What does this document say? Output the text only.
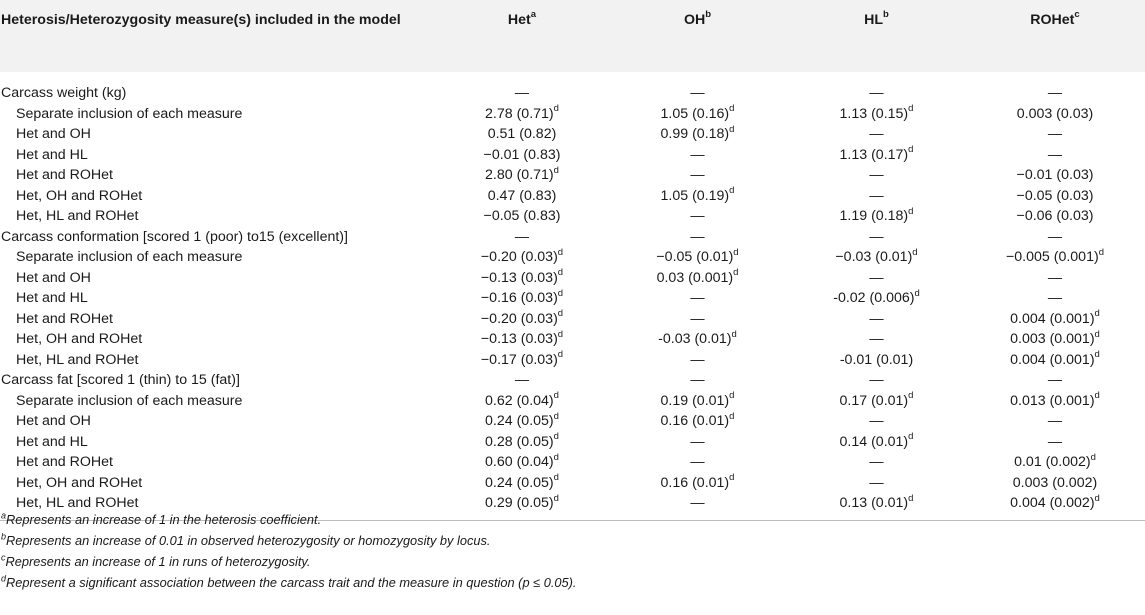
Heterosis/Heterozygosity measure(s) included in the model	Het$^a$	$OH^b$	$HL^b$	ROHet$^c$
Carcass weight (kg)	—	—	—	—
Separate inclusion of each measure	2.78 $(0.71)^d$	1.05 $(0.16)^d$	1.13 $(0.15)^d$	0.003 (0.03)
Het and OH	0.51 (0.82)	0.99 $(0.18)^d$	—	—
Het and HL	−0.01 (0.83)	—	1.13 $(0.17)^d$	—
Het and ROHet	2.80 $(0.71)^d$	—	—	−0.01 (0.03)
Het, OH and ROHet	0.47 (0.83)	1.05 $(0.19)^d$	—	−0.05 (0.03)
Het, HL and ROHet	−0.05 (0.83)	—	1.19 $(0.18)^d$	−0.06 (0.03)
Carcass conformation [scored 1 (poor) to15 (excellent)]	—	—	—	—
Separate inclusion of each measure	−0.20 $(0.03)^d$	−0.05 $(0.01)^d$	−0.03 $(0.01)^d$	−0.005 $(0.001)^d$
Het and OH	−0.13 $(0.03)^d$	0.03 $(0.001)^d$	—	—
Het and HL	−0.16 $(0.03)^d$	—	-0.02 $(0.006)^d$	—
Het and ROHet	−0.20 $(0.03)^d$	—	—	0.004 $(0.001)^d$
Het, OH and ROHet	−0.13 $(0.03)^d$	-0.03 $(0.01)^d$	—	0.003 $(0.001)^d$
Het, HL and ROHet	−0.17 $(0.03)^d$	—	-0.01 (0.01)	0.004 $(0.001)^d$
Carcass fat [scored 1 (thin) to 15 (fat)]	—	—	—	—
Separate inclusion of each measure	0.62 $(0.04)^d$	0.19 $(0.01)^d$	0.17 $(0.01)^d$	0.013 $(0.001)^d$
Het and OH	0.24 $(0.05)^d$	0.16 $(0.01)^d$	—	—
Het and HL	0.28 $(0.05)^d$	—	0.14 $(0.01)^d$	—
Het and ROHet	0.60 $(0.04)^d$	—	—	0.01 $(0.002)^d$
Het, OH and ROHet	0.24 $(0.05)^d$	0.16 $(0.01)^d$	—	0.003 (0.002)
Het, HL and ROHet	0.29 $(0.05)^d$	—	0.13 $(0.01)^d$	0.004 $(0.002)^d$
$^a$Represents an increase of 1 in the heterosis coefficient.
$^b$Represents an increase of 0.01 in observed heterozygosity or homozygosity by locus.
$^c$Represents an increase of 1 in runs of heterozygosity.
$^d$Represent a significant association between the carcass trait and the measure in question (p ≤ 0.05).
